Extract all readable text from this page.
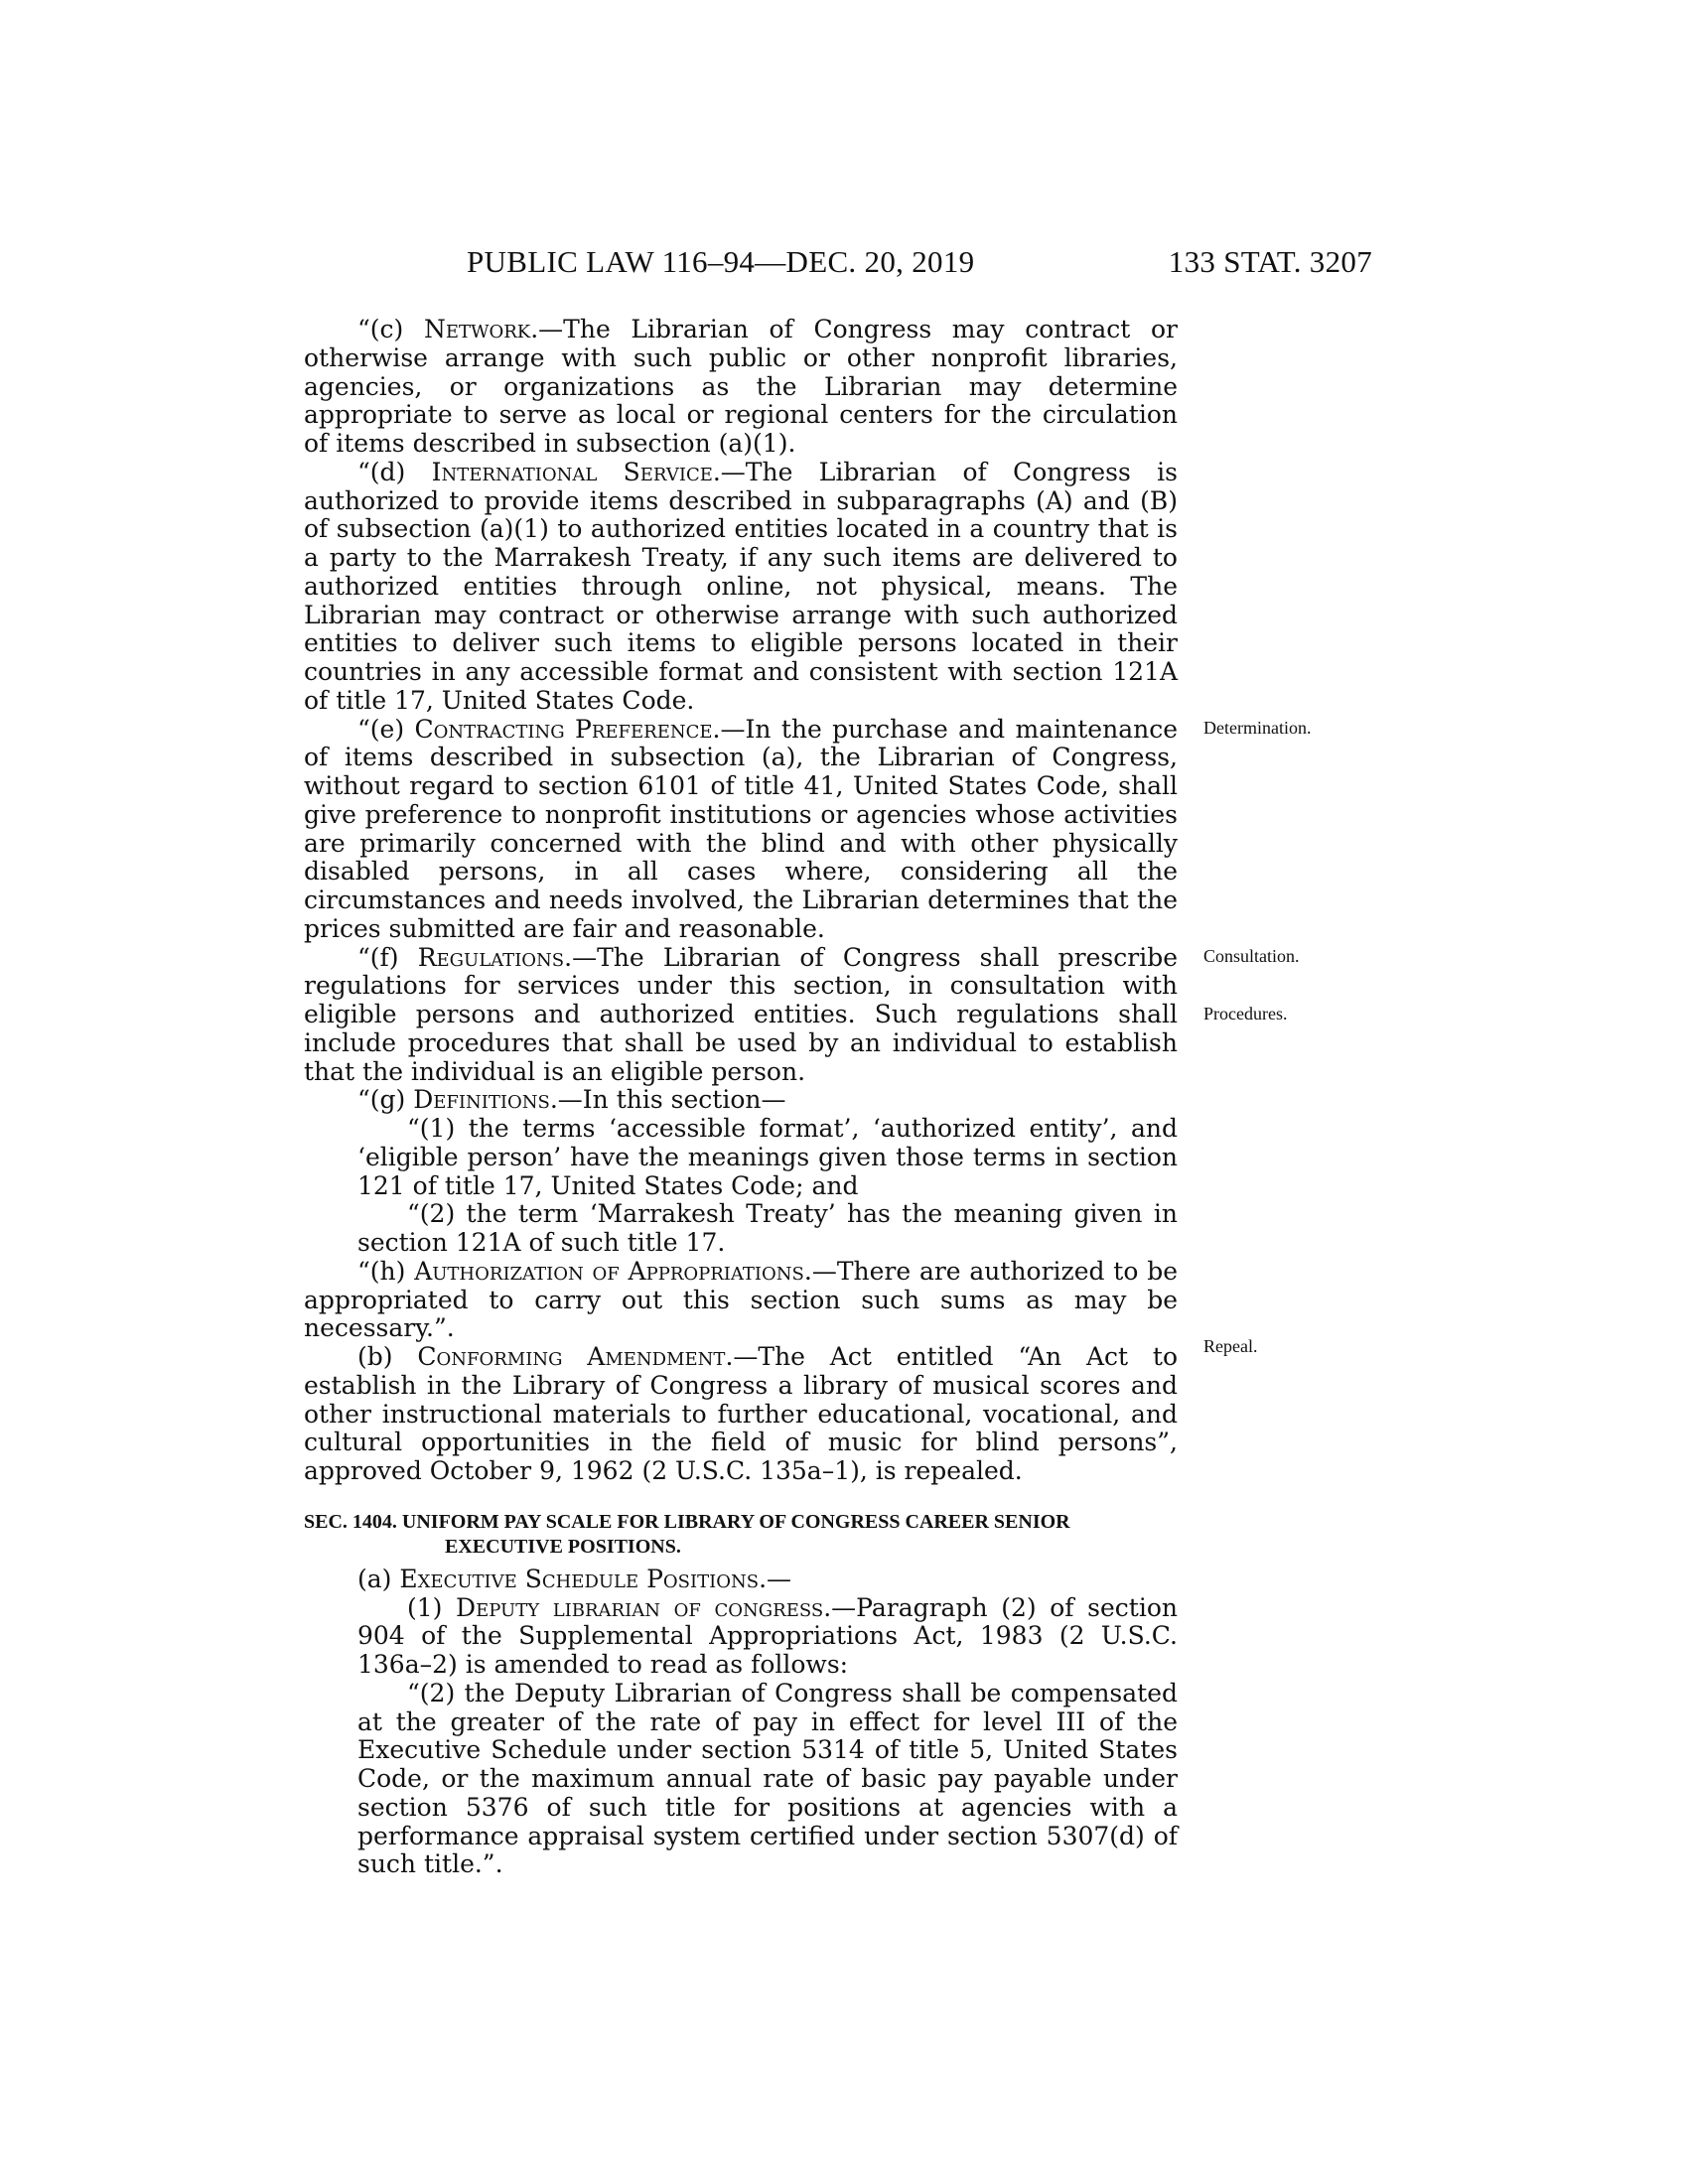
PUBLIC LAW 116–94—DEC. 20, 2019	133 STAT. 3207

“(c) Network.—The Librarian of Congress may contract or otherwise arrange with such public or other nonprofit libraries, agencies, or organizations as the Librarian may determine appropriate to serve as local or regional centers for the circulation of items described in subsection (a)(1).

“(d) International Service.—The Librarian of Congress is authorized to provide items described in subparagraphs (A) and (B) of subsection (a)(1) to authorized entities located in a country that is a party to the Marrakesh Treaty, if any such items are delivered to authorized entities through online, not physical, means. The Librarian may contract or otherwise arrange with such authorized entities to deliver such items to eligible persons located in their countries in any accessible format and consistent with section 121A of title 17, United States Code.

“(e) Contracting Preference.—In the purchase and maintenance of items described in subsection (a), the Librarian of Congress, without regard to section 6101 of title 41, United States Code, shall give preference to nonprofit institutions or agencies whose activities are primarily concerned with the blind and with other physically disabled persons, in all cases where, considering all the circumstances and needs involved, the Librarian determines that the prices submitted are fair and reasonable.

“(f) Regulations.—The Librarian of Congress shall prescribe regulations for services under this section, in consultation with eligible persons and authorized entities. Such regulations shall include procedures that shall be used by an individual to establish that the individual is an eligible person.

“(g) Definitions.—In this section—

“(1) the terms ‘accessible format’, ‘authorized entity’, and ‘eligible person’ have the meanings given those terms in section 121 of title 17, United States Code; and

“(2) the term ‘Marrakesh Treaty’ has the meaning given in section 121A of such title 17.

“(h) Authorization of Appropriations.—There are authorized to be appropriated to carry out this section such sums as may be necessary.”.

(b) Conforming Amendment.—The Act entitled “An Act to establish in the Library of Congress a library of musical scores and other instructional materials to further educational, vocational, and cultural opportunities in the field of music for blind persons”, approved October 9, 1962 (2 U.S.C. 135a–1), is repealed.

SEC. 1404. UNIFORM PAY SCALE FOR LIBRARY OF CONGRESS CAREER SENIOR EXECUTIVE POSITIONS.

(a) Executive Schedule Positions.—

(1) Deputy librarian of congress.—Paragraph (2) of section 904 of the Supplemental Appropriations Act, 1983 (2 U.S.C. 136a–2) is amended to read as follows:

“(2) the Deputy Librarian of Congress shall be compensated at the greater of the rate of pay in effect for level III of the Executive Schedule under section 5314 of title 5, United States Code, or the maximum annual rate of basic pay payable under section 5376 of such title for positions at agencies with a performance appraisal system certified under section 5307(d) of such title.”.

Determination.
Consultation.
Procedures.
Repeal.
